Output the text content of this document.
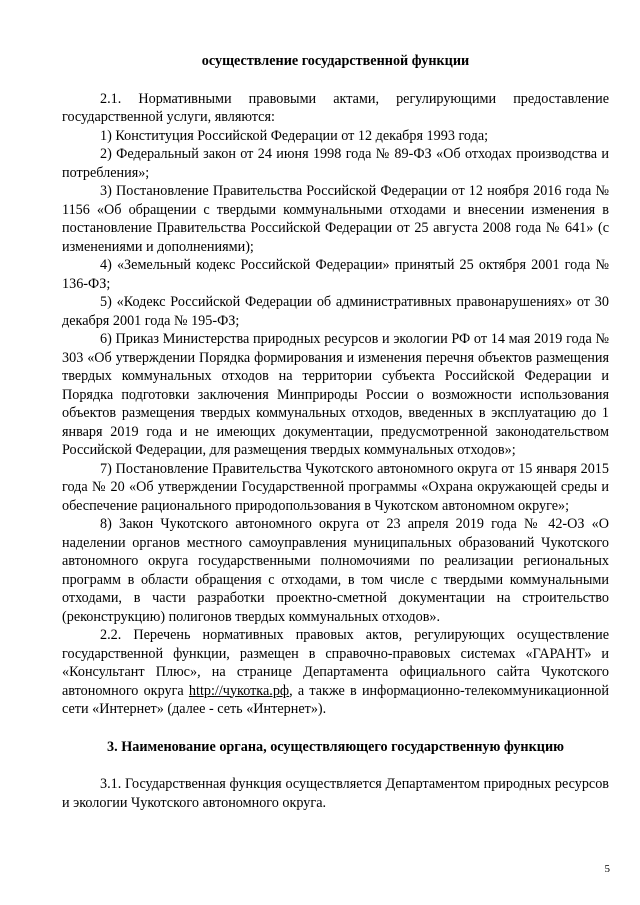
осуществление государственной функции

2.1. Нормативными правовыми актами, регулирующими предоставление государственной услуги, являются:

1) Конституция Российской Федерации от 12 декабря 1993 года;

2) Федеральный закон от 24 июня 1998 года № 89-ФЗ «Об отходах производства и потребления»;

3) Постановление Правительства Российской Федерации от 12 ноября 2016 года № 1156 «Об обращении с твердыми коммунальными отходами и внесении изменения в постановление Правительства Российской Федерации от 25 августа 2008 года № 641» (с изменениями и дополнениями);

4) «Земельный кодекс Российской Федерации» принятый 25 октября 2001 года № 136-ФЗ;

5) «Кодекс Российской Федерации об административных правонарушениях» от 30 декабря 2001 года № 195-ФЗ;

6) Приказ Министерства природных ресурсов и экологии РФ от 14 мая 2019 года № 303 «Об утверждении Порядка формирования и изменения перечня объектов размещения твердых коммунальных отходов на территории субъекта Российской Федерации и Порядка подготовки заключения Минприроды России о возможности использования объектов размещения твердых коммунальных отходов, введенных в эксплуатацию до 1 января 2019 года и не имеющих документации, предусмотренной законодательством Российской Федерации, для размещения твердых коммунальных отходов»;

7) Постановление Правительства Чукотского автономного округа от 15 января 2015 года № 20 «Об утверждении Государственной программы «Охрана окружающей среды и обеспечение рационального природопользования в Чукотском автономном округе»;

8) Закон Чукотского автономного округа от 23 апреля 2019 года № 42-ОЗ «О наделении органов местного самоуправления муниципальных образований Чукотского автономного округа государственными полномочиями по реализации региональных программ в области обращения с отходами, в том числе с твердыми коммунальными отходами, в части разработки проектно-сметной документации на строительство (реконструкцию) полигонов твердых коммунальных отходов».

2.2. Перечень нормативных правовых актов, регулирующих осуществление государственной функции, размещен в справочно-правовых системах «ГАРАНТ» и «Консультант Плюс», на странице Департамента официального сайта Чукотского автономного округа http://чукотка.рф, а также в информационно-телекоммуникационной сети «Интернет» (далее - сеть «Интернет»).

3. Наименование органа, осуществляющего государственную функцию

3.1. Государственная функция осуществляется Департаментом природных ресурсов и экологии Чукотского автономного округа.

5
